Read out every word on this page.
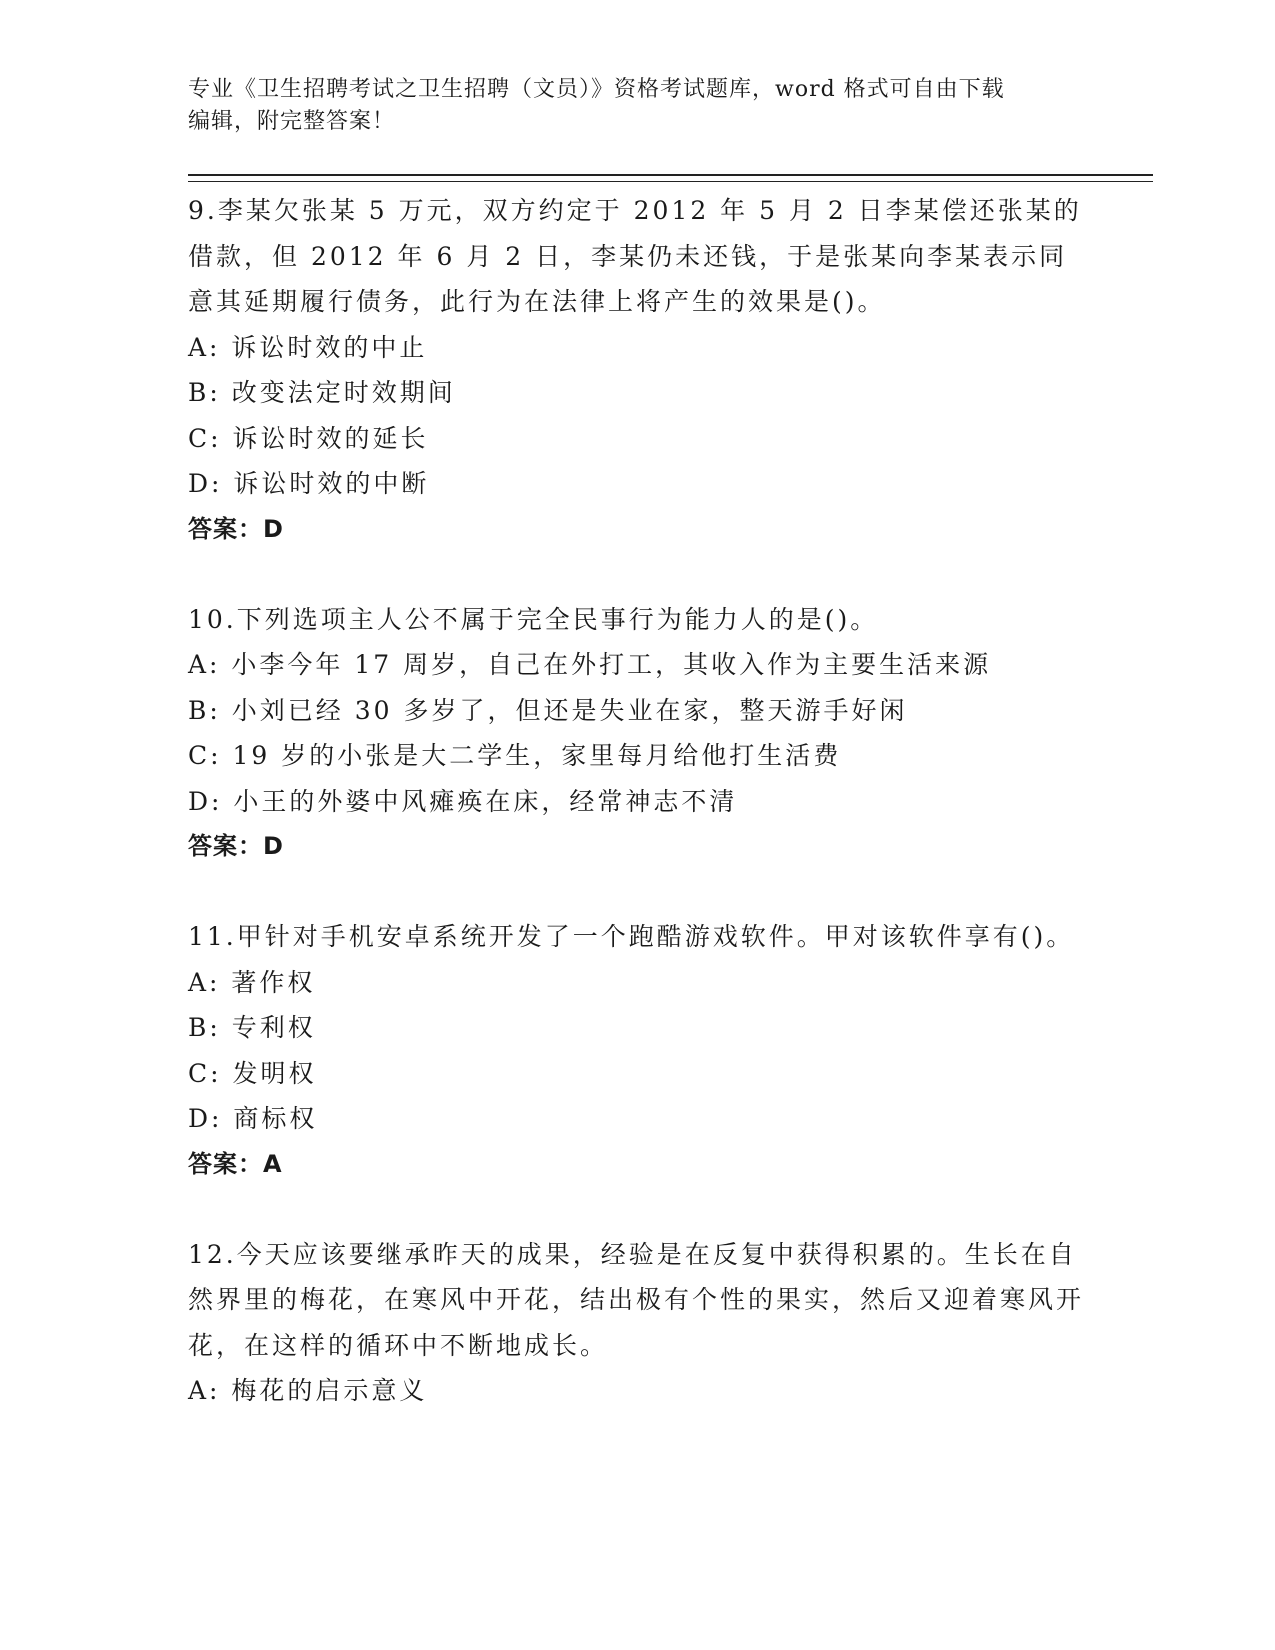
专业《卫生招聘考试之卫生招聘（文员）》资格考试题库，word 格式可自由下载
编辑，附完整答案！

9.李某欠张某 5 万元，双方约定于 2012 年 5 月 2 日李某偿还张某的借款，但 2012 年 6 月 2 日，李某仍未还钱，于是张某向李某表示同意其延期履行债务，此行为在法律上将产生的效果是()。

A: 诉讼时效的中止

B: 改变法定时效期间

C: 诉讼时效的延长

D: 诉讼时效的中断

答案：D

10.下列选项主人公不属于完全民事行为能力人的是()。

A: 小李今年 17 周岁，自己在外打工，其收入作为主要生活来源

B: 小刘已经 30 多岁了，但还是失业在家，整天游手好闲

C: 19 岁的小张是大二学生，家里每月给他打生活费

D: 小王的外婆中风瘫痪在床，经常神志不清

答案：D

11.甲针对手机安卓系统开发了一个跑酷游戏软件。甲对该软件享有()。

A: 著作权

B: 专利权

C: 发明权

D: 商标权

答案：A

12.今天应该要继承昨天的成果，经验是在反复中获得积累的。生长在自然界里的梅花，在寒风中开花，结出极有个性的果实，然后又迎着寒风开花，在这样的循环中不断地成长。

A: 梅花的启示意义
